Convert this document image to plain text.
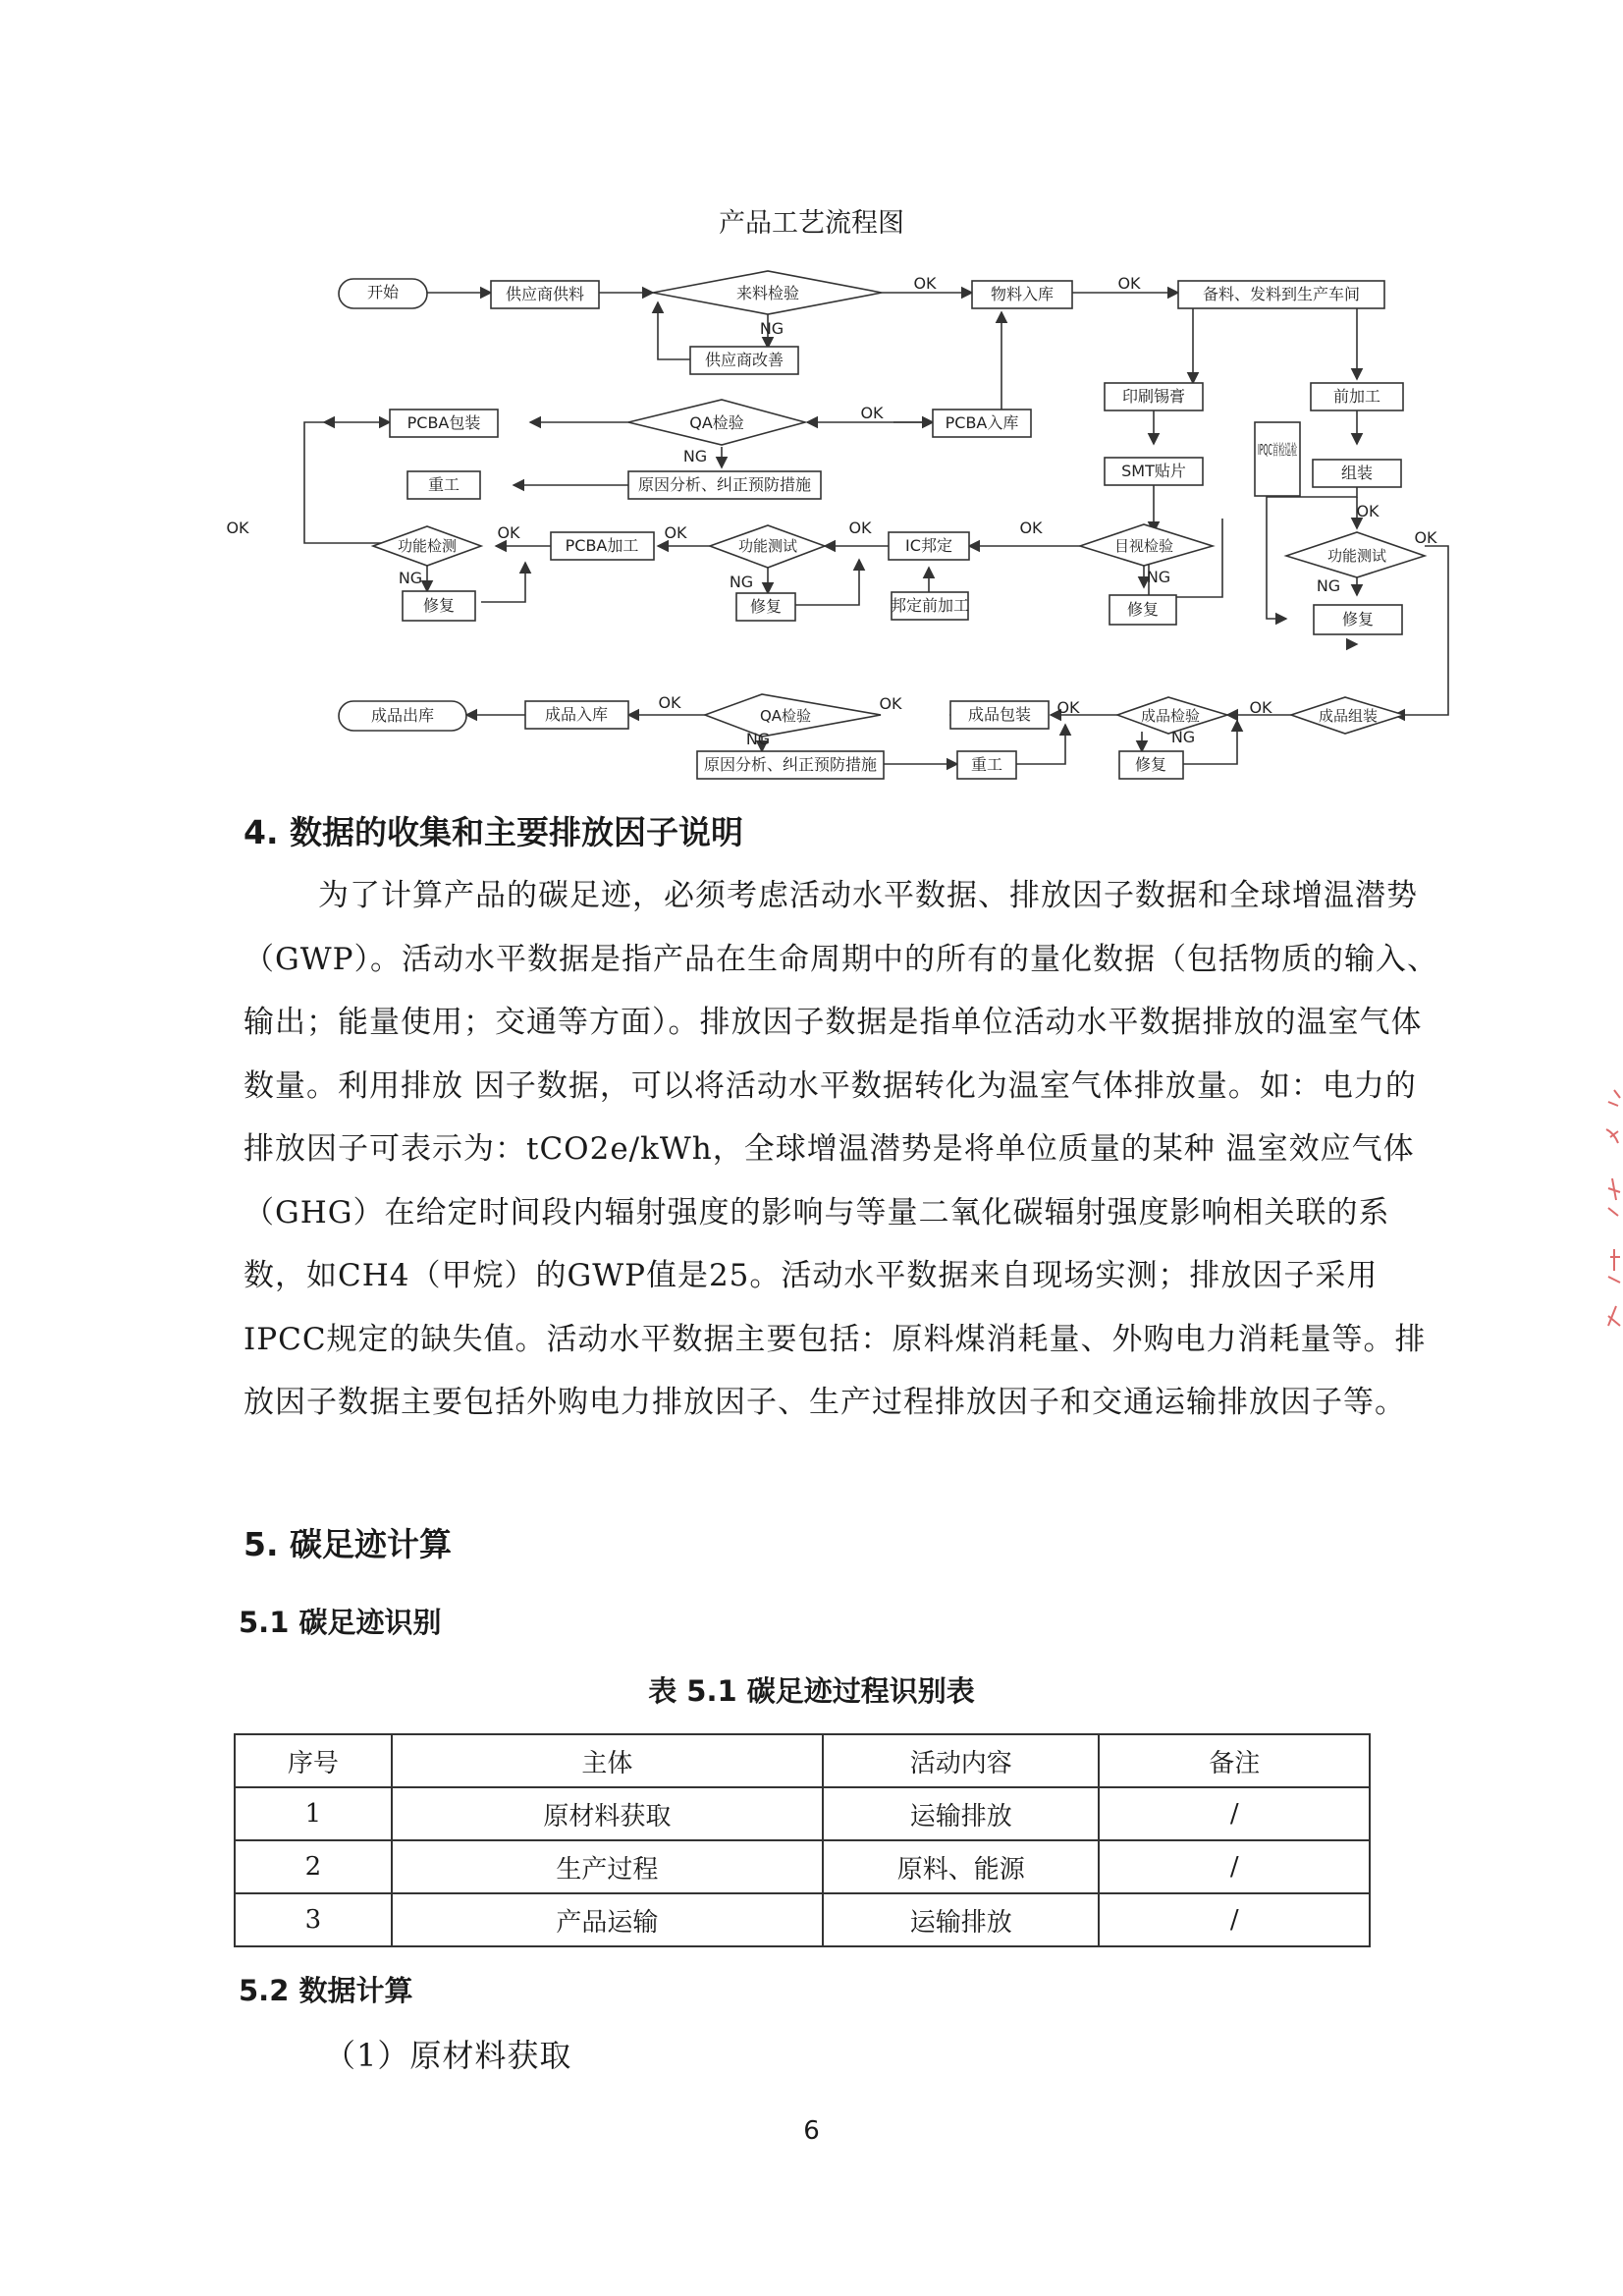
产品工艺流程图
开始	供应商供料	来料检验	物料入库	备料、发料到生产车间
供应商改善
PCBA包装	QA检验	PCBA入库
印刷锡膏	前加工
IPQC首检巡检
重工	原因分析、纠正预防措施
SMT贴片	组装
功能检测	PCBA加工	功能测试	IC邦定	目视检验
功能测试
修复	修复	邦定前加工	修复
修复
成品出库	成品入库	QA检验	成品包装	成品检验	成品组装
原因分析、纠正预防措施	重工	修复
OK	OK
NG
OK
NG
OK
OK
OK
OK
OK
OK
OK
NG	NG	NG	NG
OK	OK	OK	OK
NG	NG
4. 数据的收集和主要排放因子说明

为了计算产品的碳足迹，必须考虑活动水平数据、排放因子数据和全球增温潜势（GWP）。活动水平数据是指产品在生命周期中的所有的量化数据（包括物质的输入、输出；能量使用；交通等方面）。排放因子数据是指单位活动水平数据排放的温室气体数量。利用排放 因子数据，可以将活动水平数据转化为温室气体排放量。如：电力的 排放因子可表示为：tCO2e/kWh，全球增温潜势是将单位质量的某种 温室效应气体（GHG）在给定时间段内辐射强度的影响与等量二氧化碳辐射强度影响相关联的系数，如CH4（甲烷）的GWP值是25。活动水平数据来自现场实测；排放因子采用IPCC规定的缺失值。活动水平数据主要包括：原料煤消耗量、外购电力消耗量等。排放因子数据主要包括外购电力排放因子、生产过程排放因子和交通运输排放因子等。

5. 碳足迹计算
5.1 碳足迹识别
表 5.1 碳足迹过程识别表
序号	主体	活动内容	备注
1	原材料获取	运输排放	/
2	生产过程	原料、能源	/
3	产品运输	运输排放	/
5.2 数据计算
（1）原材料获取
6
